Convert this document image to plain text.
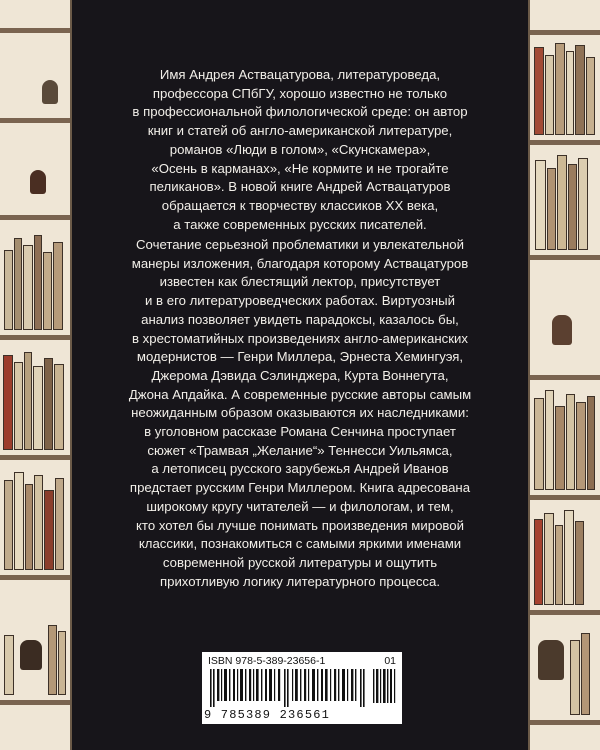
Имя Андрея Аствацатурова, литературоведа,
профессора СПбГУ, хорошо известно не только
в профессиональной филологической среде: он автор
книг и статей об англо-американской литературе,
романов «Люди в голом», «Скунскамера»,
«Осень в карманах», «Не кормите и не трогайте
пеликанов». В новой книге Андрей Аствацатуров
обращается к творчеству классиков XX века,
а также современных русских писателей.

Сочетание серьезной проблематики и увлекательной
манеры изложения, благодаря которому Аствацатуров
известен как блестящий лектор, присутствует
и в его литературоведческих работах. Виртуозный
анализ позволяет увидеть парадоксы, казалось бы,
в хрестоматийных произведениях англо-американских
модернистов — Генри Миллера, Эрнеста Хемингуэя,
Джерома Дэвида Сэлинджера, Курта Воннегута,
Джона Апдайка. А современные русские авторы самым
неожиданным образом оказываются их наследниками:
в уголовном рассказе Романа Сенчина проступает
сюжет «Трамвая „Желание“» Теннесси Уильямса,
а летописец русского зарубежья Андрей Иванов
предстает русским Генри Миллером. Книга адресована
широкому кругу читателей — и филологам, и тем,
кто хотел бы лучше понимать произведения мировой
классики, познакомиться с самыми яркими именами
современной русской литературы и ощутить
прихотливую логику литературного процесса.

ISBN 978-5-389-23656-1	01
9 785389 236561
